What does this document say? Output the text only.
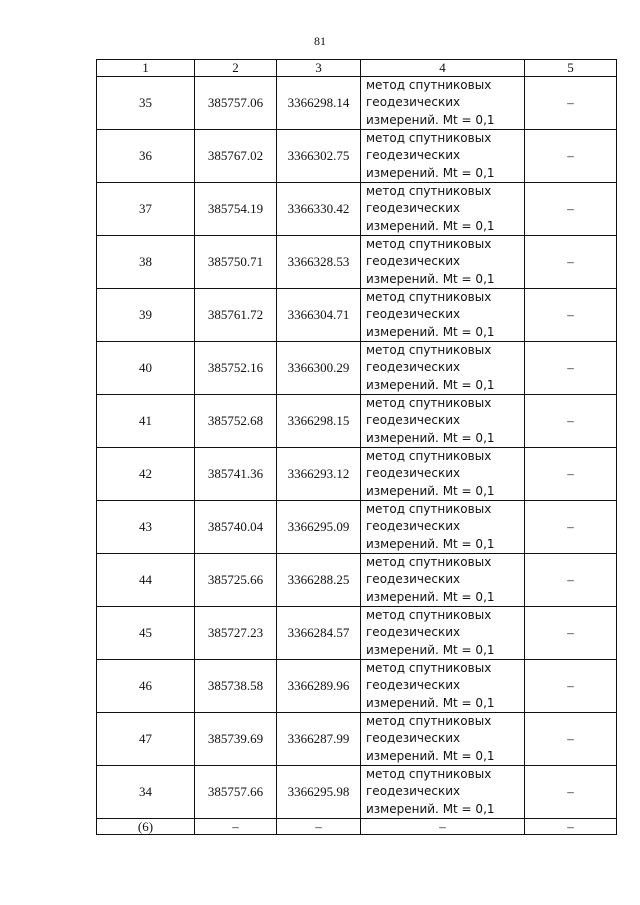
81
1	2	3	4	5
35	385757.06	3366298.14	метод спутниковых
геодезических
измерений. Mt = 0,1	–
36	385767.02	3366302.75	метод спутниковых
геодезических
измерений. Mt = 0,1	–
37	385754.19	3366330.42	метод спутниковых
геодезических
измерений. Mt = 0,1	–
38	385750.71	3366328.53	метод спутниковых
геодезических
измерений. Mt = 0,1	–
39	385761.72	3366304.71	метод спутниковых
геодезических
измерений. Mt = 0,1	–
40	385752.16	3366300.29	метод спутниковых
геодезических
измерений. Mt = 0,1	–
41	385752.68	3366298.15	метод спутниковых
геодезических
измерений. Mt = 0,1	–
42	385741.36	3366293.12	метод спутниковых
геодезических
измерений. Mt = 0,1	–
43	385740.04	3366295.09	метод спутниковых
геодезических
измерений. Mt = 0,1	–
44	385725.66	3366288.25	метод спутниковых
геодезических
измерений. Mt = 0,1	–
45	385727.23	3366284.57	метод спутниковых
геодезических
измерений. Mt = 0,1	–
46	385738.58	3366289.96	метод спутниковых
геодезических
измерений. Mt = 0,1	–
47	385739.69	3366287.99	метод спутниковых
геодезических
измерений. Mt = 0,1	–
34	385757.66	3366295.98	метод спутниковых
геодезических
измерений. Mt = 0,1	–
(6)	–	–	–	–
